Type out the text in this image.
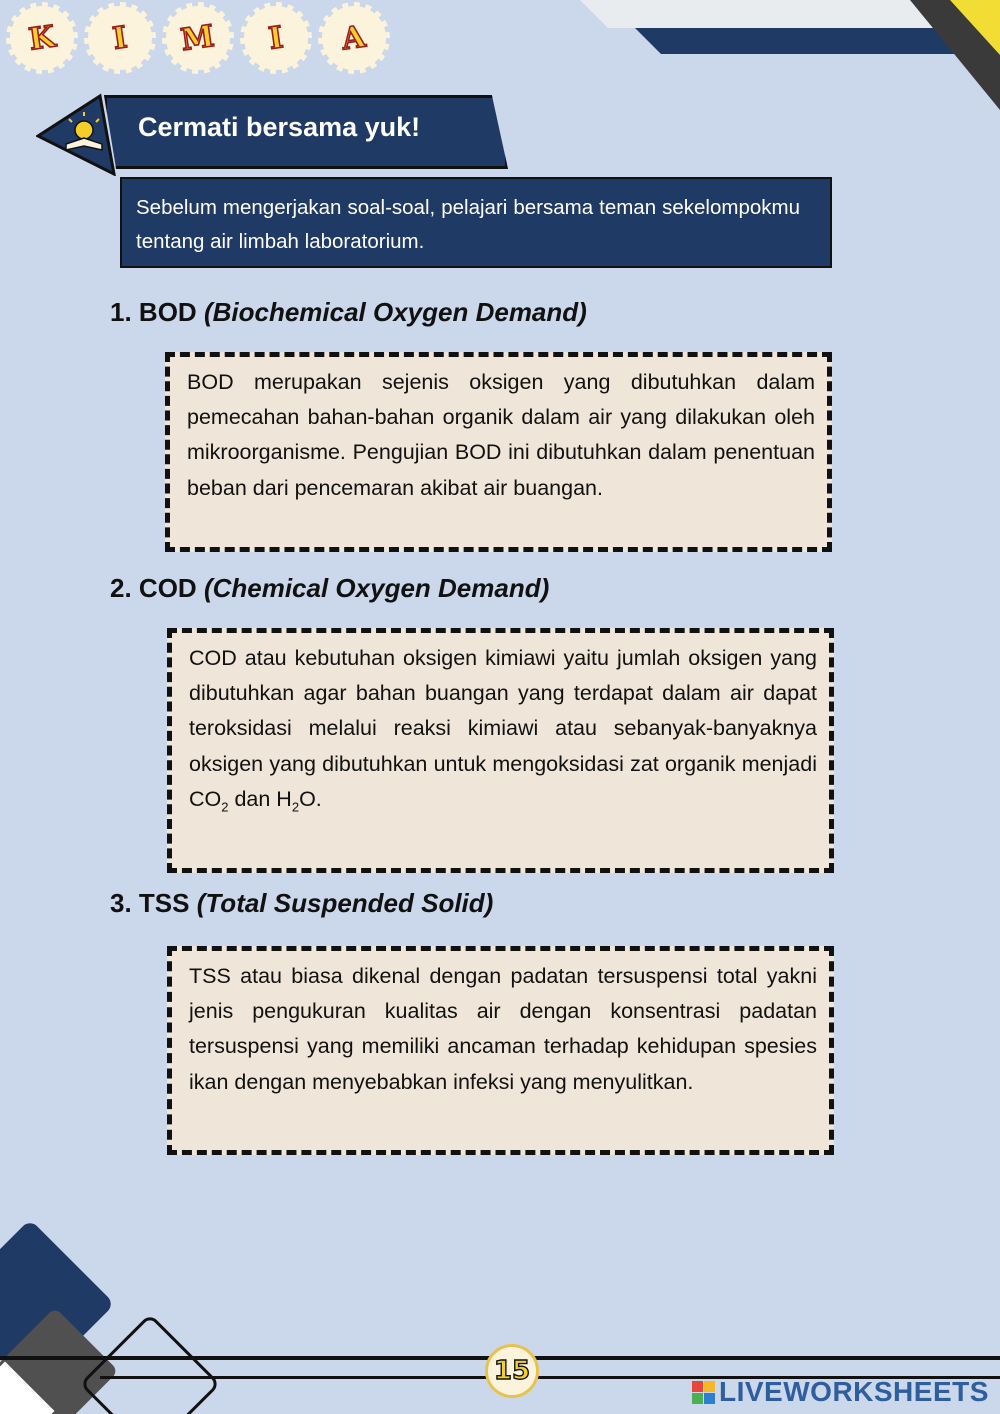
K I M I A
Cermati bersama yuk!
Sebelum mengerjakan soal-soal, pelajari bersama teman sekelompokmu tentang air limbah laboratorium.
1. BOD (Biochemical Oxygen Demand)
BOD merupakan sejenis oksigen yang dibutuhkan dalam pemecahan bahan-bahan organik dalam air yang dilakukan oleh mikroorganisme. Pengujian BOD ini dibutuhkan dalam penentuan beban dari pencemaran akibat air buangan.
2. COD (Chemical Oxygen Demand)
COD atau kebutuhan oksigen kimiawi yaitu jumlah oksigen yang dibutuhkan agar bahan buangan yang terdapat dalam air dapat teroksidasi melalui reaksi kimiawi atau sebanyak-banyaknya oksigen yang dibutuhkan untuk mengoksidasi zat organik menjadi $CO_2$ dan $H_2O$.
3. TSS (Total Suspended Solid)
TSS atau biasa dikenal dengan padatan tersuspensi total yakni jenis pengukuran kualitas air dengan konsentrasi padatan tersuspensi yang memiliki ancaman terhadap kehidupan spesies ikan dengan menyebabkan infeksi yang menyulitkan.
15
LIVEWORKSHEETS
